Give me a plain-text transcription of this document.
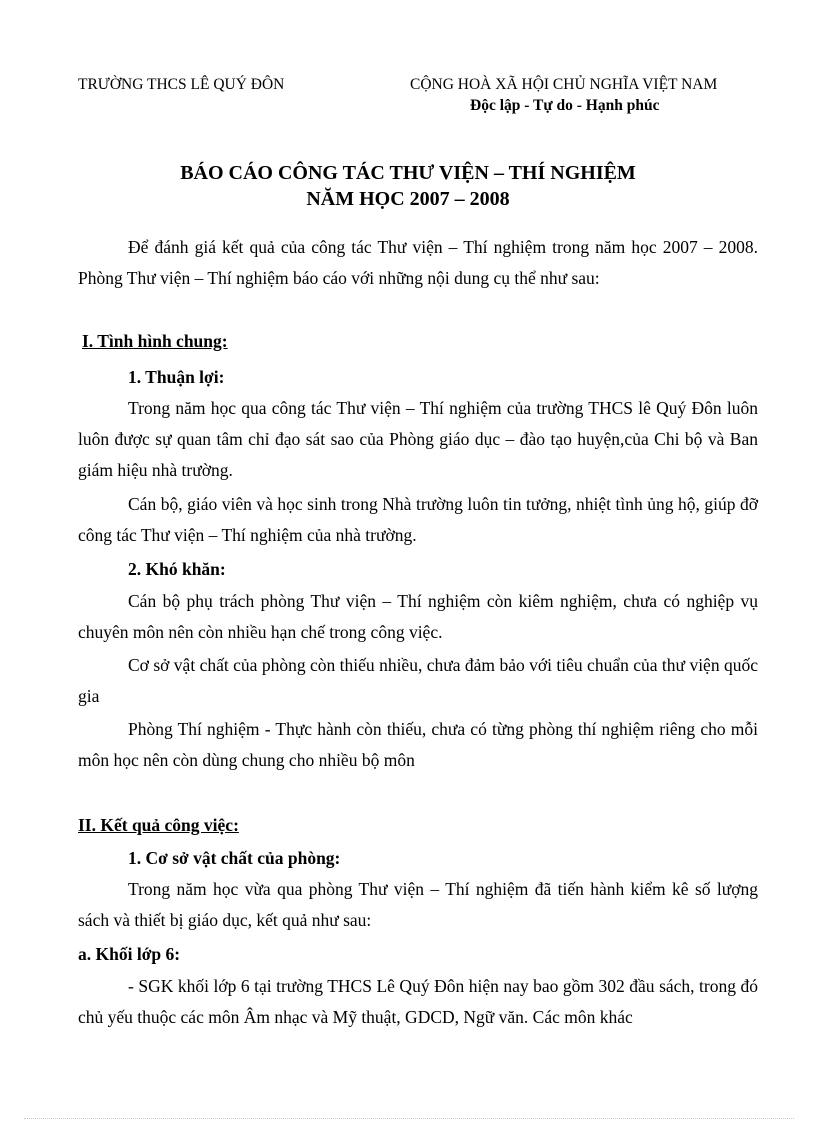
TRƯỜNG THCS LÊ QUÝ ĐÔN	CỘNG HOÀ XÃ HỘI CHỦ NGHĨA VIỆT NAM
Độc lập - Tự do - Hạnh phúc
BÁO CÁO CÔNG TÁC THƯ VIỆN – THÍ NGHIỆM
NĂM HỌC 2007 – 2008
Để đánh giá kết quả của công tác Thư viện – Thí nghiệm trong năm học 2007 – 2008. Phòng Thư viện – Thí nghiệm báo cáo với những nội dung cụ thể như sau:
I. Tình hình chung:
1. Thuận lợi:
Trong năm học qua công tác Thư viện – Thí nghiệm của trường THCS lê Quý Đôn luôn luôn được sự quan tâm chỉ đạo sát sao của Phòng giáo dục – đào tạo huyện,của Chi bộ và Ban giám hiệu nhà trường.
Cán bộ, giáo viên và học sinh trong Nhà trường luôn tin tưởng, nhiệt tình ủng hộ, giúp đỡ công tác Thư viện – Thí nghiệm của nhà trường.
2. Khó khăn:
Cán bộ phụ trách phòng Thư viện – Thí nghiệm còn kiêm nghiệm, chưa có nghiệp vụ chuyên môn nên còn nhiều hạn chế trong công việc.
Cơ sở vật chất của phòng còn thiếu nhiều, chưa đảm bảo với tiêu chuẩn của thư viện quốc gia
Phòng Thí nghiệm - Thực hành còn thiếu, chưa có từng phòng thí nghiệm riêng cho mỗi môn học nên còn dùng chung cho nhiều bộ môn
II. Kết quả công việc:
1. Cơ sở vật chất của phòng:
Trong năm học vừa qua phòng Thư viện – Thí nghiệm đã tiến hành kiểm kê số lượng sách và thiết bị giáo dục, kết quả như sau:
a. Khối lớp 6:
- SGK khối lớp 6 tại trường THCS Lê Quý Đôn hiện nay bao gồm 302 đầu sách, trong đó chủ yếu thuộc các môn Âm nhạc và Mỹ thuật, GDCD, Ngữ văn. Các môn khác
